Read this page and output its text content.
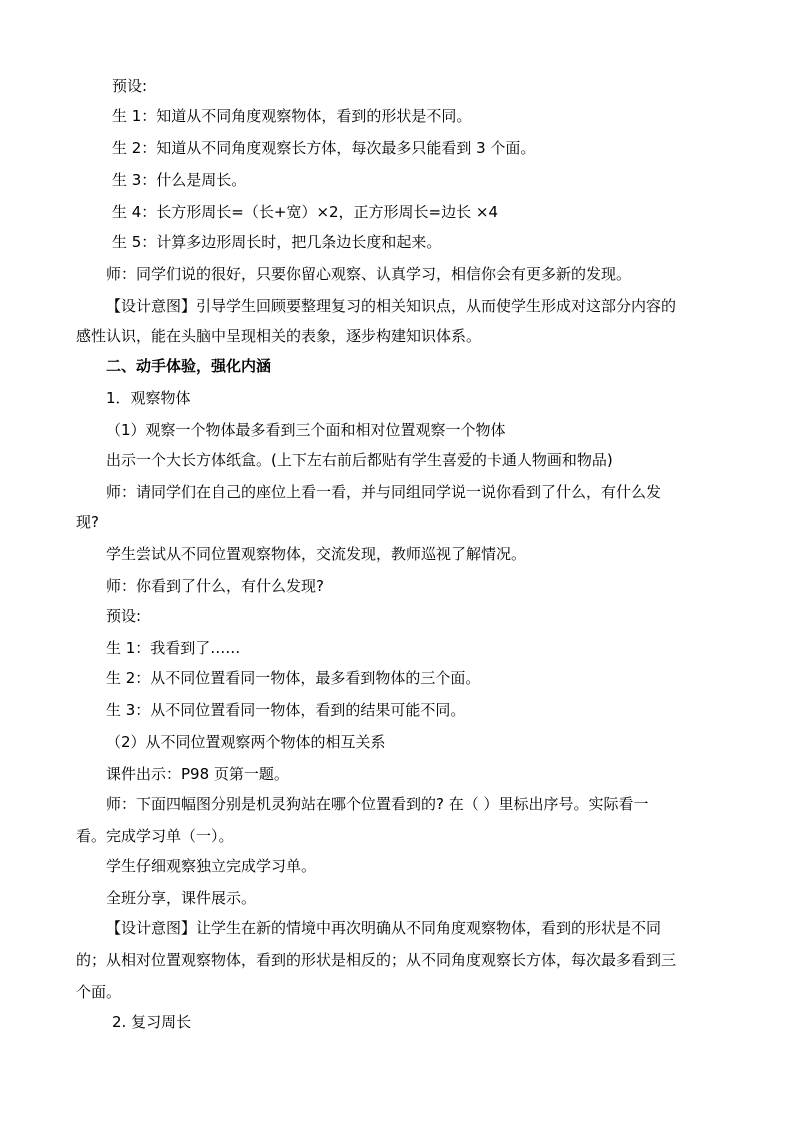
预设:
生 1：知道从不同角度观察物体，看到的形状是不同。
生 2：知道从不同角度观察长方体，每次最多只能看到 3 个面。
生 3：什么是周长。
生 4：长方形周长=（长+宽）×2，正方形周长=边长 ×4
生 5：计算多边形周长时，把几条边长度和起来。
师：同学们说的很好，只要你留心观察、认真学习，相信你会有更多新的发现。
【设计意图】引导学生回顾要整理复习的相关知识点，从而使学生形成对这部分内容的
感性认识，能在头脑中呈现相关的表象，逐步构建知识体系。
二、动手体验，强化内涵
1．观察物体
（1）观察一个物体最多看到三个面和相对位置观察一个物体
出示一个大长方体纸盒。(上下左右前后都贴有学生喜爱的卡通人物画和物品)
师：请同学们在自己的座位上看一看，并与同组同学说一说你看到了什么，有什么发
现?
学生尝试从不同位置观察物体，交流发现，教师巡视了解情况。
师：你看到了什么，有什么发现?
预设:
生 1：我看到了……
生 2：从不同位置看同一物体，最多看到物体的三个面。
生 3：从不同位置看同一物体，看到的结果可能不同。
（2）从不同位置观察两个物体的相互关系
课件出示：P98 页第一题。
师：下面四幅图分别是机灵狗站在哪个位置看到的? 在（ ）里标出序号。实际看一
看。完成学习单（一）。
学生仔细观察独立完成学习单。
全班分享，课件展示。
【设计意图】让学生在新的情境中再次明确从不同角度观察物体，看到的形状是不同
的；从相对位置观察物体，看到的形状是相反的；从不同角度观察长方体，每次最多看到三
个面。
2. 复习周长
